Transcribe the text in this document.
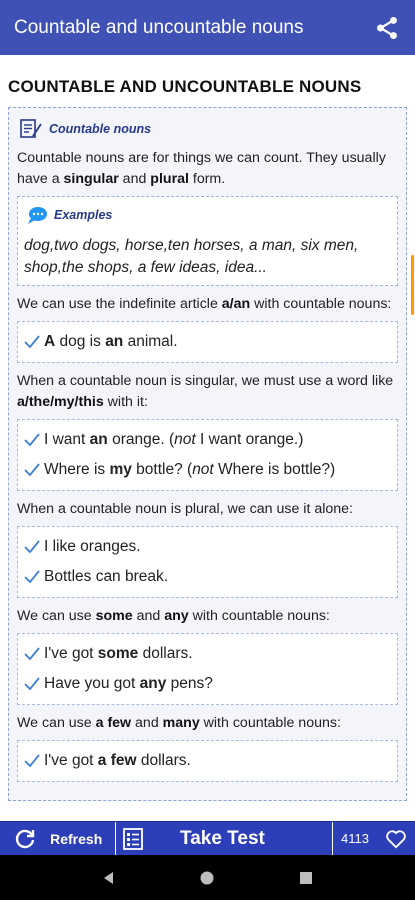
Countable and uncountable nouns
COUNTABLE AND UNCOUNTABLE NOUNS
Countable nouns

Countable nouns are for things we can count. They usually have a singular and plural form.

Examples
dog,two dogs, horse,ten horses, a man, six men, shop,the shops, a few ideas, idea...

We can use the indefinite article a/an with countable nouns:

A dog is an animal.

When a countable noun is singular, we must use a word like a/the/my/this with it:

I want an orange. (not I want orange.)
Where is my bottle? (not Where is bottle?)

When a countable noun is plural, we can use it alone:

I like oranges.
Bottles can break.

We can use some and any with countable nouns:

I've got some dollars.
Have you got any pens?

We can use a few and many with countable nouns:

I've got a few dollars.
Refresh	Take Test	4113
